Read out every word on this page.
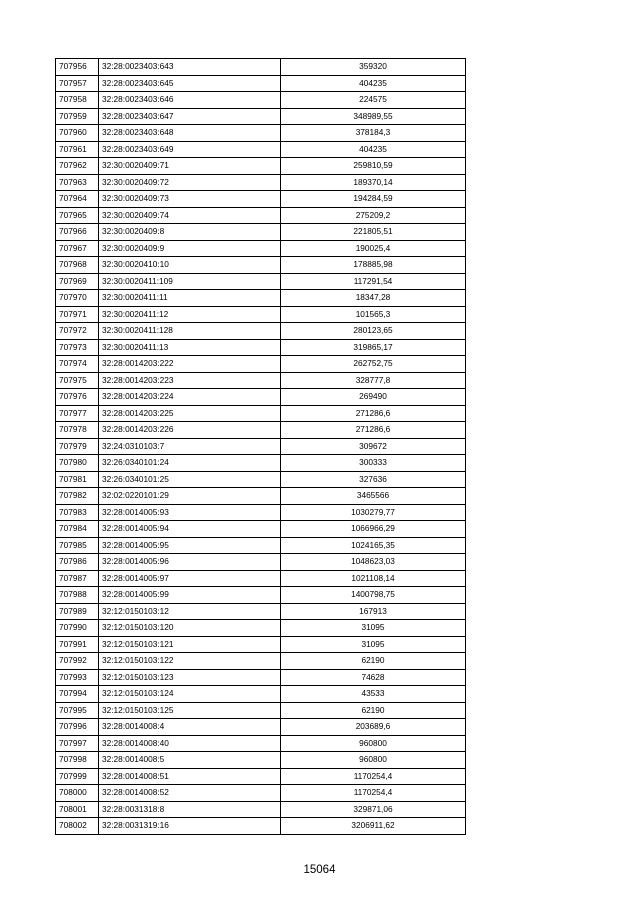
707956	32:28:0023403:643	359320
707957	32:28:0023403:645	404235
707958	32:28:0023403:646	224575
707959	32:28:0023403:647	348989,55
707960	32:28:0023403:648	378184,3
707961	32:28:0023403:649	404235
707962	32:30:0020409:71	259810,59
707963	32:30:0020409:72	189370,14
707964	32:30:0020409:73	194284,59
707965	32:30:0020409:74	275209,2
707966	32:30:0020409:8	221805,51
707967	32:30:0020409:9	190025,4
707968	32:30:0020410:10	178885,98
707969	32:30:0020411:109	117291,54
707970	32:30:0020411:11	18347,28
707971	32:30:0020411:12	101565,3
707972	32:30:0020411:128	280123,65
707973	32:30:0020411:13	319865,17
707974	32:28:0014203:222	262752,75
707975	32:28:0014203:223	328777,8
707976	32:28:0014203:224	269490
707977	32:28:0014203:225	271286,6
707978	32:28:0014203:226	271286,6
707979	32:24:0310103:7	309672
707980	32:26:0340101:24	300333
707981	32:26:0340101:25	327636
707982	32:02:0220101:29	3465566
707983	32:28:0014005:93	1030279,77
707984	32:28:0014005:94	1066966,29
707985	32:28:0014005:95	1024165,35
707986	32:28:0014005:96	1048623,03
707987	32:28:0014005:97	1021108,14
707988	32:28:0014005:99	1400798,75
707989	32:12:0150103:12	167913
707990	32:12:0150103:120	31095
707991	32:12:0150103:121	31095
707992	32:12:0150103:122	62190
707993	32:12:0150103:123	74628
707994	32:12:0150103:124	43533
707995	32:12:0150103:125	62190
707996	32:28:0014008:4	203689,6
707997	32:28:0014008:40	960800
707998	32:28:0014008:5	960800
707999	32:28:0014008:51	1170254,4
708000	32:28:0014008:52	1170254,4
708001	32:28:0031318:8	329871,06
708002	32:28:0031319:16	3206911,62
15064
